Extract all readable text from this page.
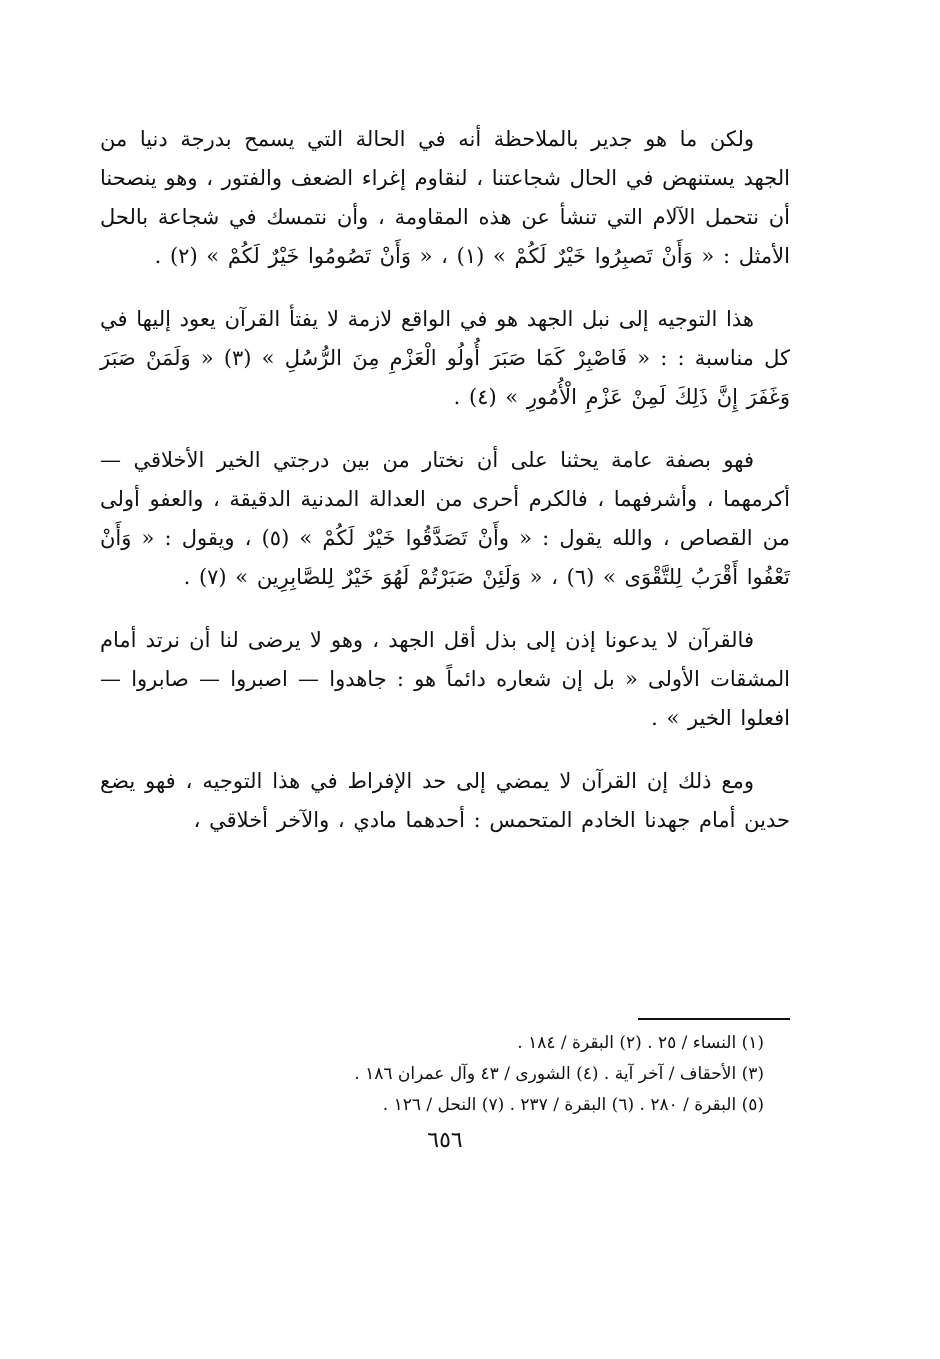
ولكن ما هو جدير بالملاحظة أنه في الحالة التي يسمح بدرجة دنيا من الجهد يستنهض في الحال شجاعتنا ، لنقاوم إغراء الضعف والفتور ، وهو ينصحنا أن نتحمل الآلام التي تنشأ عن هذه المقاومة ، وأن نتمسك في شجاعة بالحل الأمثل : « وَأَنْ تَصبِرُوا خَيْرٌ لَكُمْ » (١) ، « وَأَنْ تَصُومُوا خَيْرٌ لَكُمْ » (٢) .

هذا التوجيه إلى نبل الجهد هو في الواقع لازمة لا يفتأ القرآن يعود إليها في كل مناسبة : : « فَاصْبِرْ كَمَا صَبَرَ أُولُو الْعَزْمِ مِنَ الرُّسُلِ » (٣) « وَلَمَنْ صَبَرَ وَغَفَرَ إِنَّ ذَلِكَ لَمِنْ عَزْمِ الْأُمُورِ » (٤) .

فهو بصفة عامة يحثنا على أن نختار من بين درجتي الخير الأخلاقي — أكرمهما ، وأشرفهما ، فالكرم أحرى من العدالة المدنية الدقيقة ، والعفو أولى من القصاص ، والله يقول : « وأَنْ تَصَدَّقُوا خَيْرٌ لَكُمْ » (٥) ، ويقول : « وَأَنْ تَعْفُوا أَقْرَبُ لِلتَّقْوَى » (٦) ، « وَلَئِنْ صَبَرْتُمْ لَهُوَ خَيْرٌ لِلصَّابِرِين » (٧) .

فالقرآن لا يدعونا إذن إلى بذل أقل الجهد ، وهو لا يرضى لنا أن نرتد أمام المشقات الأولى « بل إن شعاره دائماً هو : جاهدوا — اصبروا — صابروا — افعلوا الخير » .

ومع ذلك إن القرآن لا يمضي إلى حد الإفراط في هذا التوجيه ، فهو يضع حدين أمام جهدنا الخادم المتحمس : أحدهما مادي ، والآخر أخلاقي ،

(١) النساء / ٢٥ . (٢) البقرة / ١٨٤ .
(٣) الأحقاف / آخر آية . (٤) الشورى / ٤٣ وآل عمران ١٨٦ .
(٥) البقرة / ٢٨٠ . (٦) البقرة / ٢٣٧ . (٧) النحل / ١٢٦ .
٦٥٦
